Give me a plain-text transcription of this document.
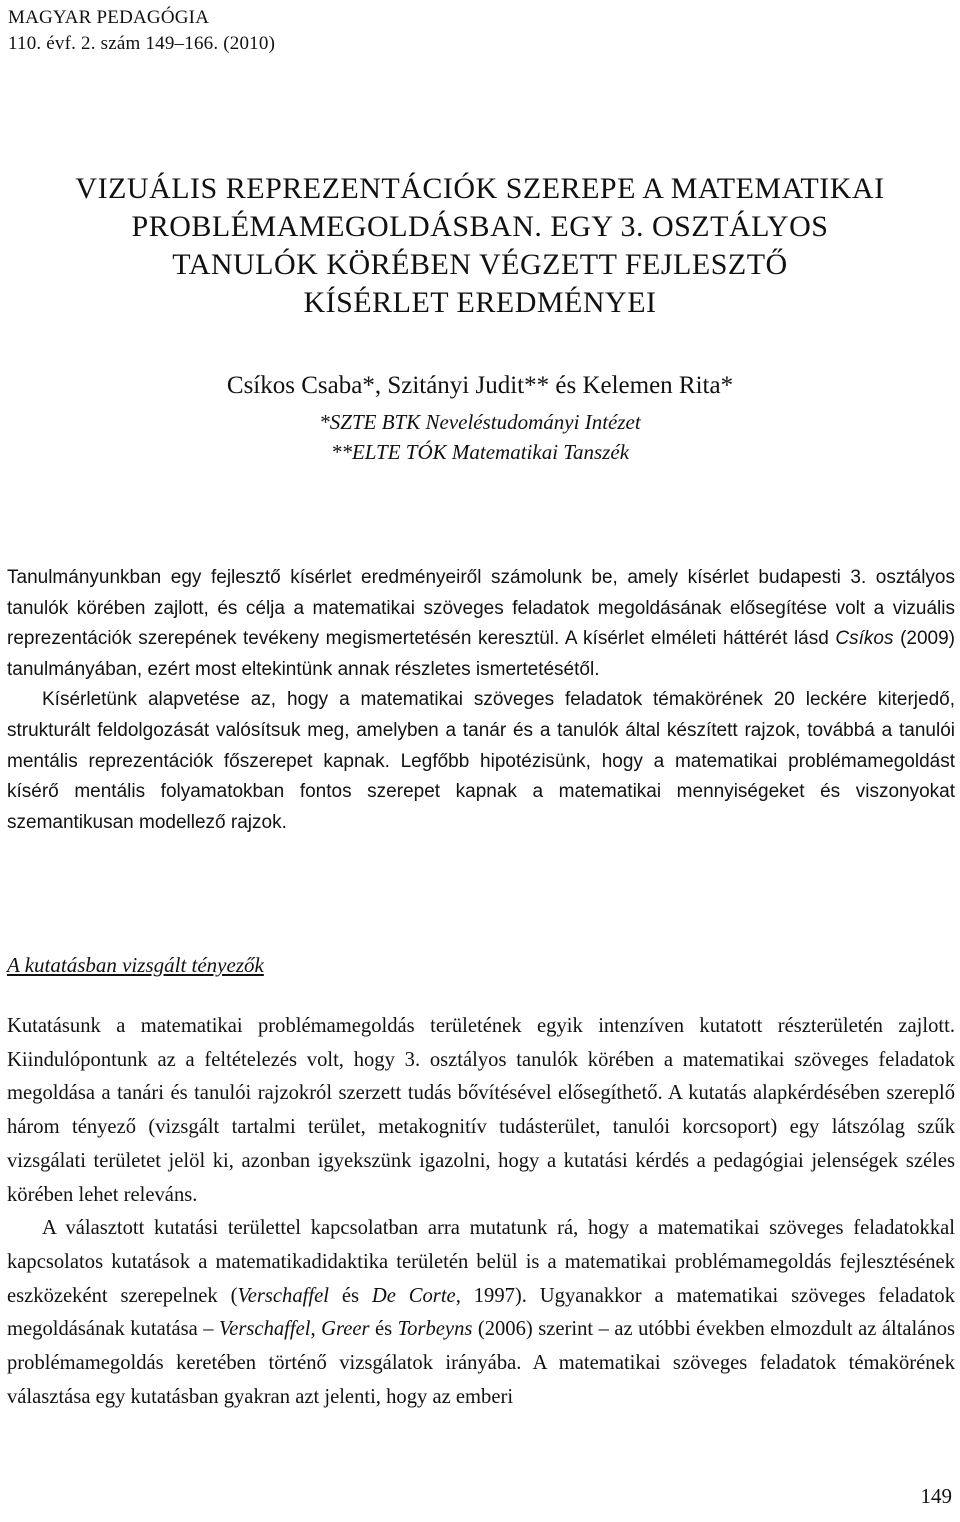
MAGYAR PEDAGÓGIA
110. évf. 2. szám 149–166. (2010)
VIZUÁLIS REPREZENTÁCIÓK SZEREPE A MATEMATIKAI
PROBLÉMAMEGOLDÁSBAN. EGY 3. OSZTÁLYOS
TANULÓK KÖRÉBEN VÉGZETT FEJLESZTŐ
KÍSÉRLET EREDMÉNYEI
Csíkos Csaba*, Szitányi Judit** és Kelemen Rita*
*SZTE BTK Neveléstudományi Intézet
**ELTE TÓK Matematikai Tanszék

Tanulmányunkban egy fejlesztő kísérlet eredményeiről számolunk be, amely kísérlet budapesti 3. osztályos tanulók körében zajlott, és célja a matematikai szöveges feladatok megoldásának elősegítése volt a vizuális reprezentációk szerepének tevékeny megismertetésén keresztül. A kísérlet elméleti háttérét lásd Csíkos (2009) tanulmányában, ezért most eltekintünk annak részletes ismertetésétől.

Kísérletünk alapvetése az, hogy a matematikai szöveges feladatok témakörének 20 leckére kiterjedő, strukturált feldolgozását valósítsuk meg, amelyben a tanár és a tanulók által készített rajzok, továbbá a tanulói mentális reprezentációk főszerepet kapnak. Legfőbb hipotézisünk, hogy a matematikai problémamegoldást kísérő mentális folyamatokban fontos szerepet kapnak a matematikai mennyiségeket és viszonyokat szemantikusan modellező rajzok.

A kutatásban vizsgált tényezők

Kutatásunk a matematikai problémamegoldás területének egyik intenzíven kutatott részterületén zajlott. Kiindulópontunk az a feltételezés volt, hogy 3. osztályos tanulók körében a matematikai szöveges feladatok megoldása a tanári és tanulói rajzokról szerzett tudás bővítésével elősegíthető. A kutatás alapkérdésében szereplő három tényező (vizsgált tartalmi terület, metakognitív tudásterület, tanulói korcsoport) egy látszólag szűk vizsgálati területet jelöl ki, azonban igyekszünk igazolni, hogy a kutatási kérdés a pedagógiai jelenségek széles körében lehet releváns.

A választott kutatási területtel kapcsolatban arra mutatunk rá, hogy a matematikai szöveges feladatokkal kapcsolatos kutatások a matematikadidaktika területén belül is a matematikai problémamegoldás fejlesztésének eszközeként szerepelnek (Verschaffel és De Corte, 1997). Ugyanakkor a matematikai szöveges feladatok megoldásának kutatása – Verschaffel, Greer és Torbeyns (2006) szerint – az utóbbi években elmozdult az általános problémamegoldás keretében történő vizsgálatok irányába. A matematikai szöveges feladatok témakörének választása egy kutatásban gyakran azt jelenti, hogy az emberi

149
